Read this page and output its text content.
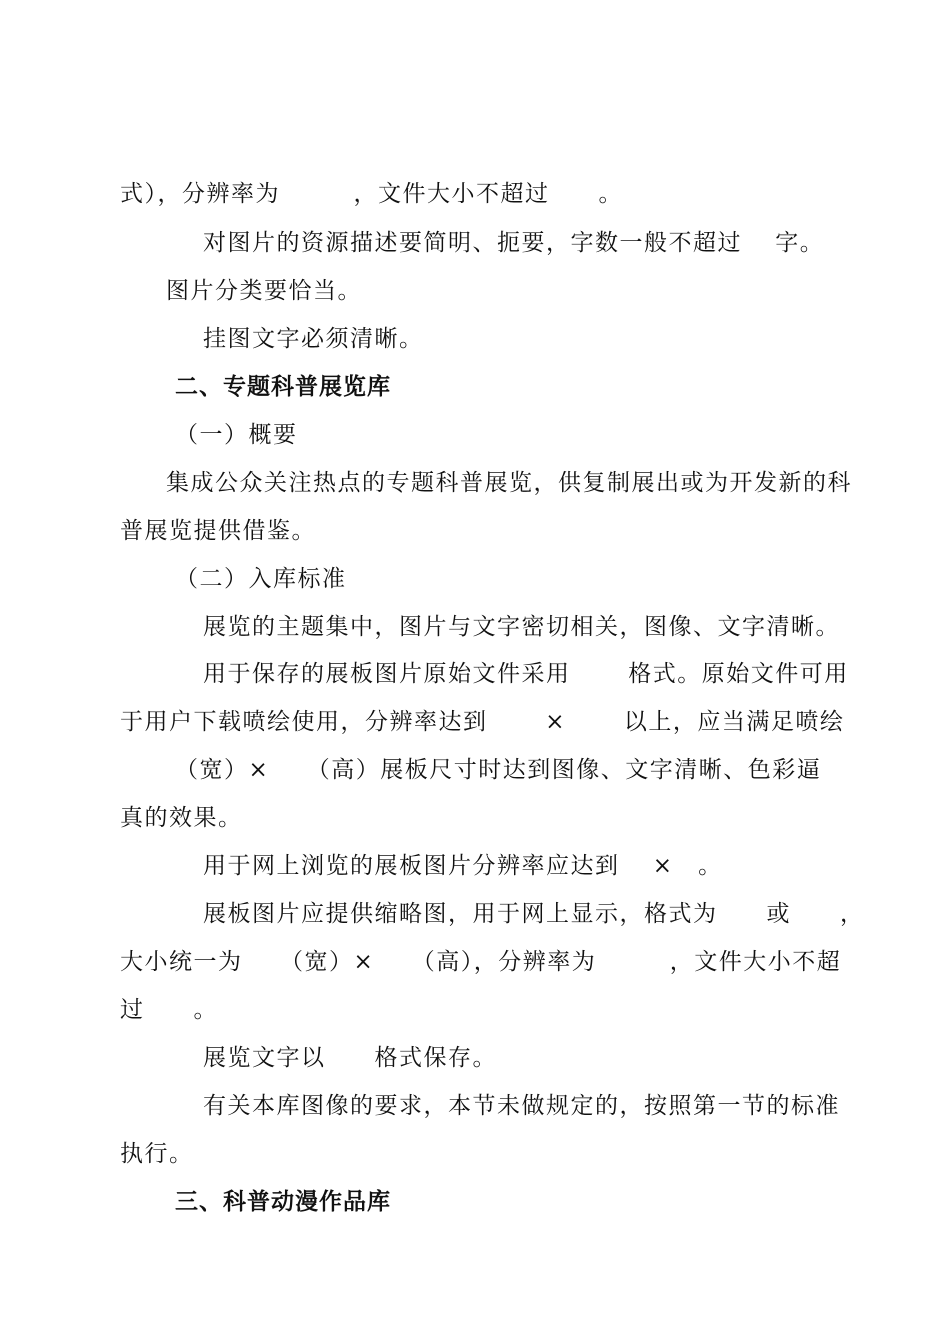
式），分辨率为　　　，文件大小不超过　　。
对图片的资源描述要简明、扼要，字数一般不超过　 字。
图片分类要恰当。
挂图文字必须清晰。
二、专题科普展览库
（一）概要
集成公众关注热点的专题科普展览，供复制展出或为开发新的科
普展览提供借鉴。
（二）入库标准
展览的主题集中，图片与文字密切相关，图像、文字清晰。
用于保存的展板图片原始文件采用　　 格式。原始文件可用
于用户下载喷绘使用，分辨率达到　　 ×　　 以上，应当满足喷绘
（宽）×　　（高）展板尺寸时达到图像、文字清晰、色彩逼
真的效果。
用于网上浏览的展板图片分辨率应达到　 ×　。
展板图片应提供缩略图，用于网上显示，格式为　　或　　，
大小统一为　　（宽）×　　（高），分辨率为　　　，文件大小不超
过　　。
展览文字以　　格式保存。
有关本库图像的要求，本节未做规定的，按照第一节的标准
执行。
三、科普动漫作品库
